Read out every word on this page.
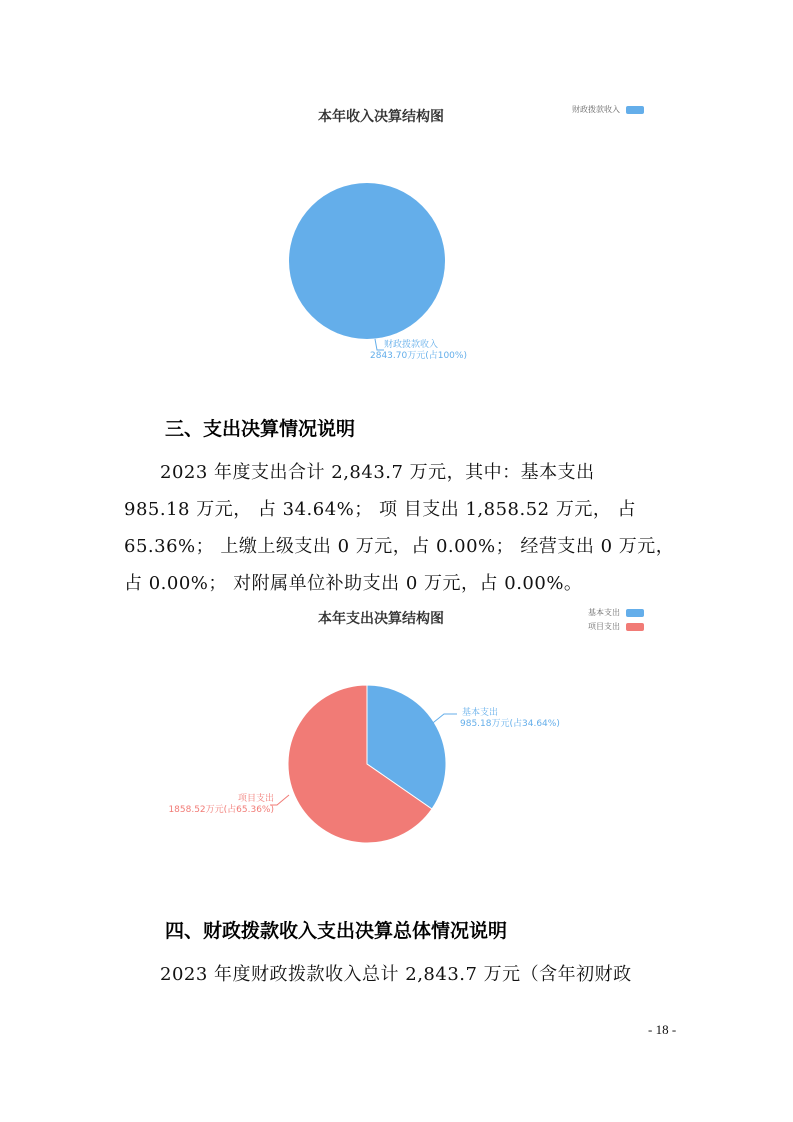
本年收入决算结构图	财政拨款收入
财政拨款收入
2843.70万元(占100%)
三、支出决算情况说明
2023 年度支出合计 2,843.7 万元，其中：基本支出
985.18 万元， 占 34.64%； 项 目支出 1,858.52 万元， 占
65.36%； 上缴上级支出 0 万元，占 0.00%； 经营支出 0 万元，
占 0.00%； 对附属单位补助支出 0 万元，占 0.00%。
本年支出决算结构图	基本支出
项目支出
基本支出
985.18万元(占34.64%)
项目支出
1858.52万元(占65.36%)
四、财政拨款收入支出决算总体情况说明
2023 年度财政拨款收入总计 2,843.7 万元（含年初财政
- 18 -
